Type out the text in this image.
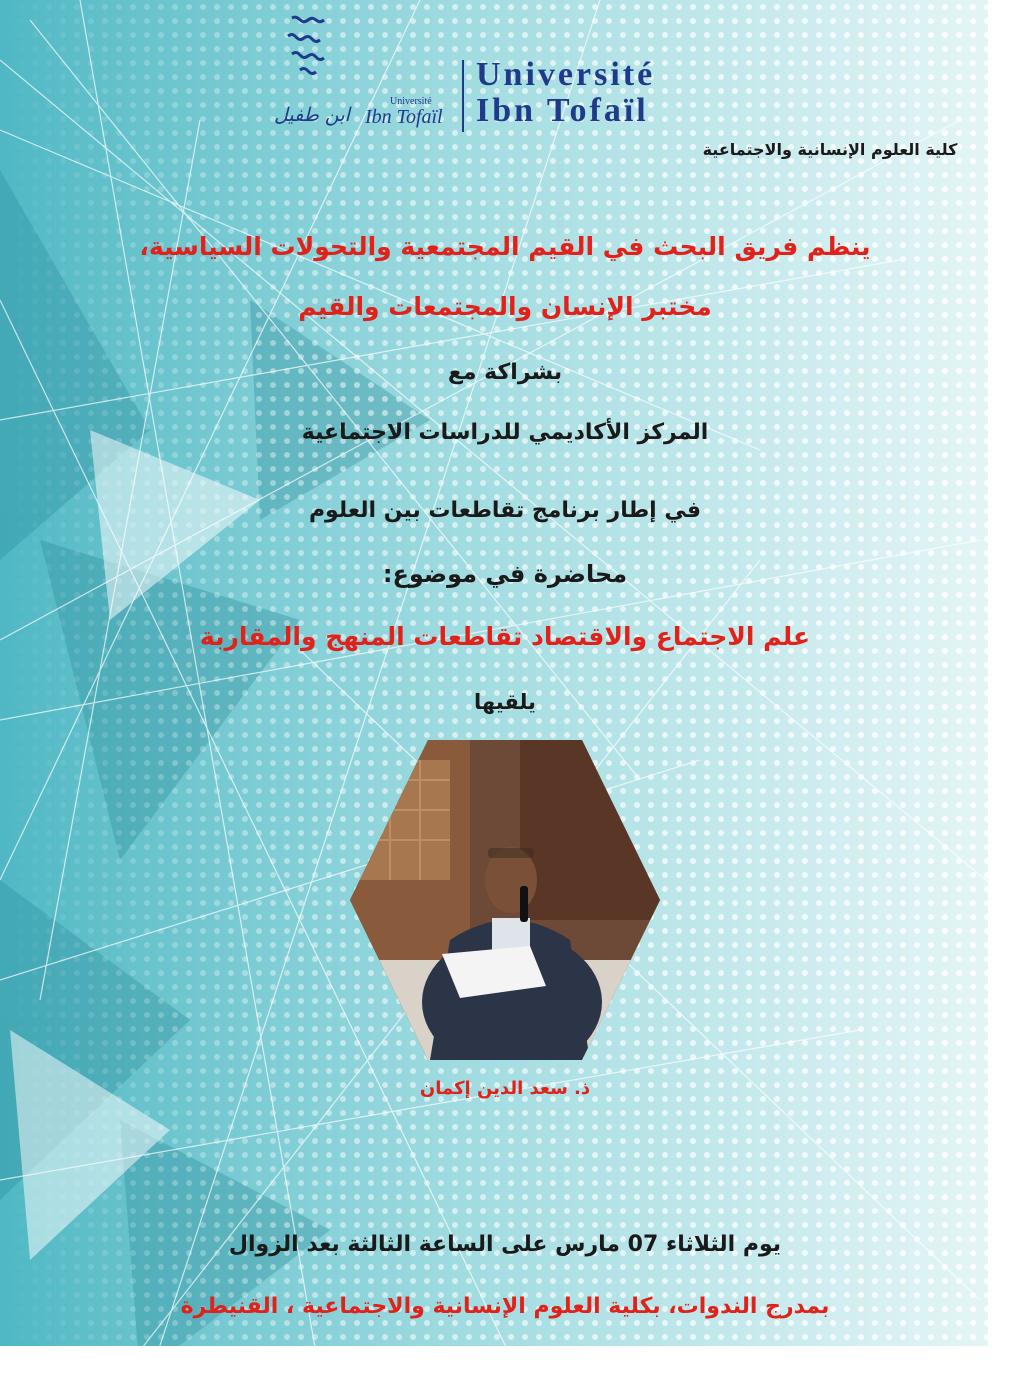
ابن طفيل
Université
Ibn Tofaïl
Université
Ibn Tofaïl
كلية العلوم الإنسانية والاجتماعية
ينظم فريق البحث في القيم المجتمعية والتحولات السياسية،
مختبر الإنسان والمجتمعات والقيم
بشراكة مع
المركز الأكاديمي للدراسات الاجتماعية
في إطار برنامج تقاطعات بين العلوم
محاضرة في موضوع:
علم الاجتماع والاقتصاد تقاطعات المنهج والمقاربة
يلقيها
ذ. سعد الدين إكمان
يوم الثلاثاء 07 مارس على الساعة الثالثة بعد الزوال
بمدرج الندوات، بكلية العلوم الإنسانية والاجتماعية ، القنيطرة
